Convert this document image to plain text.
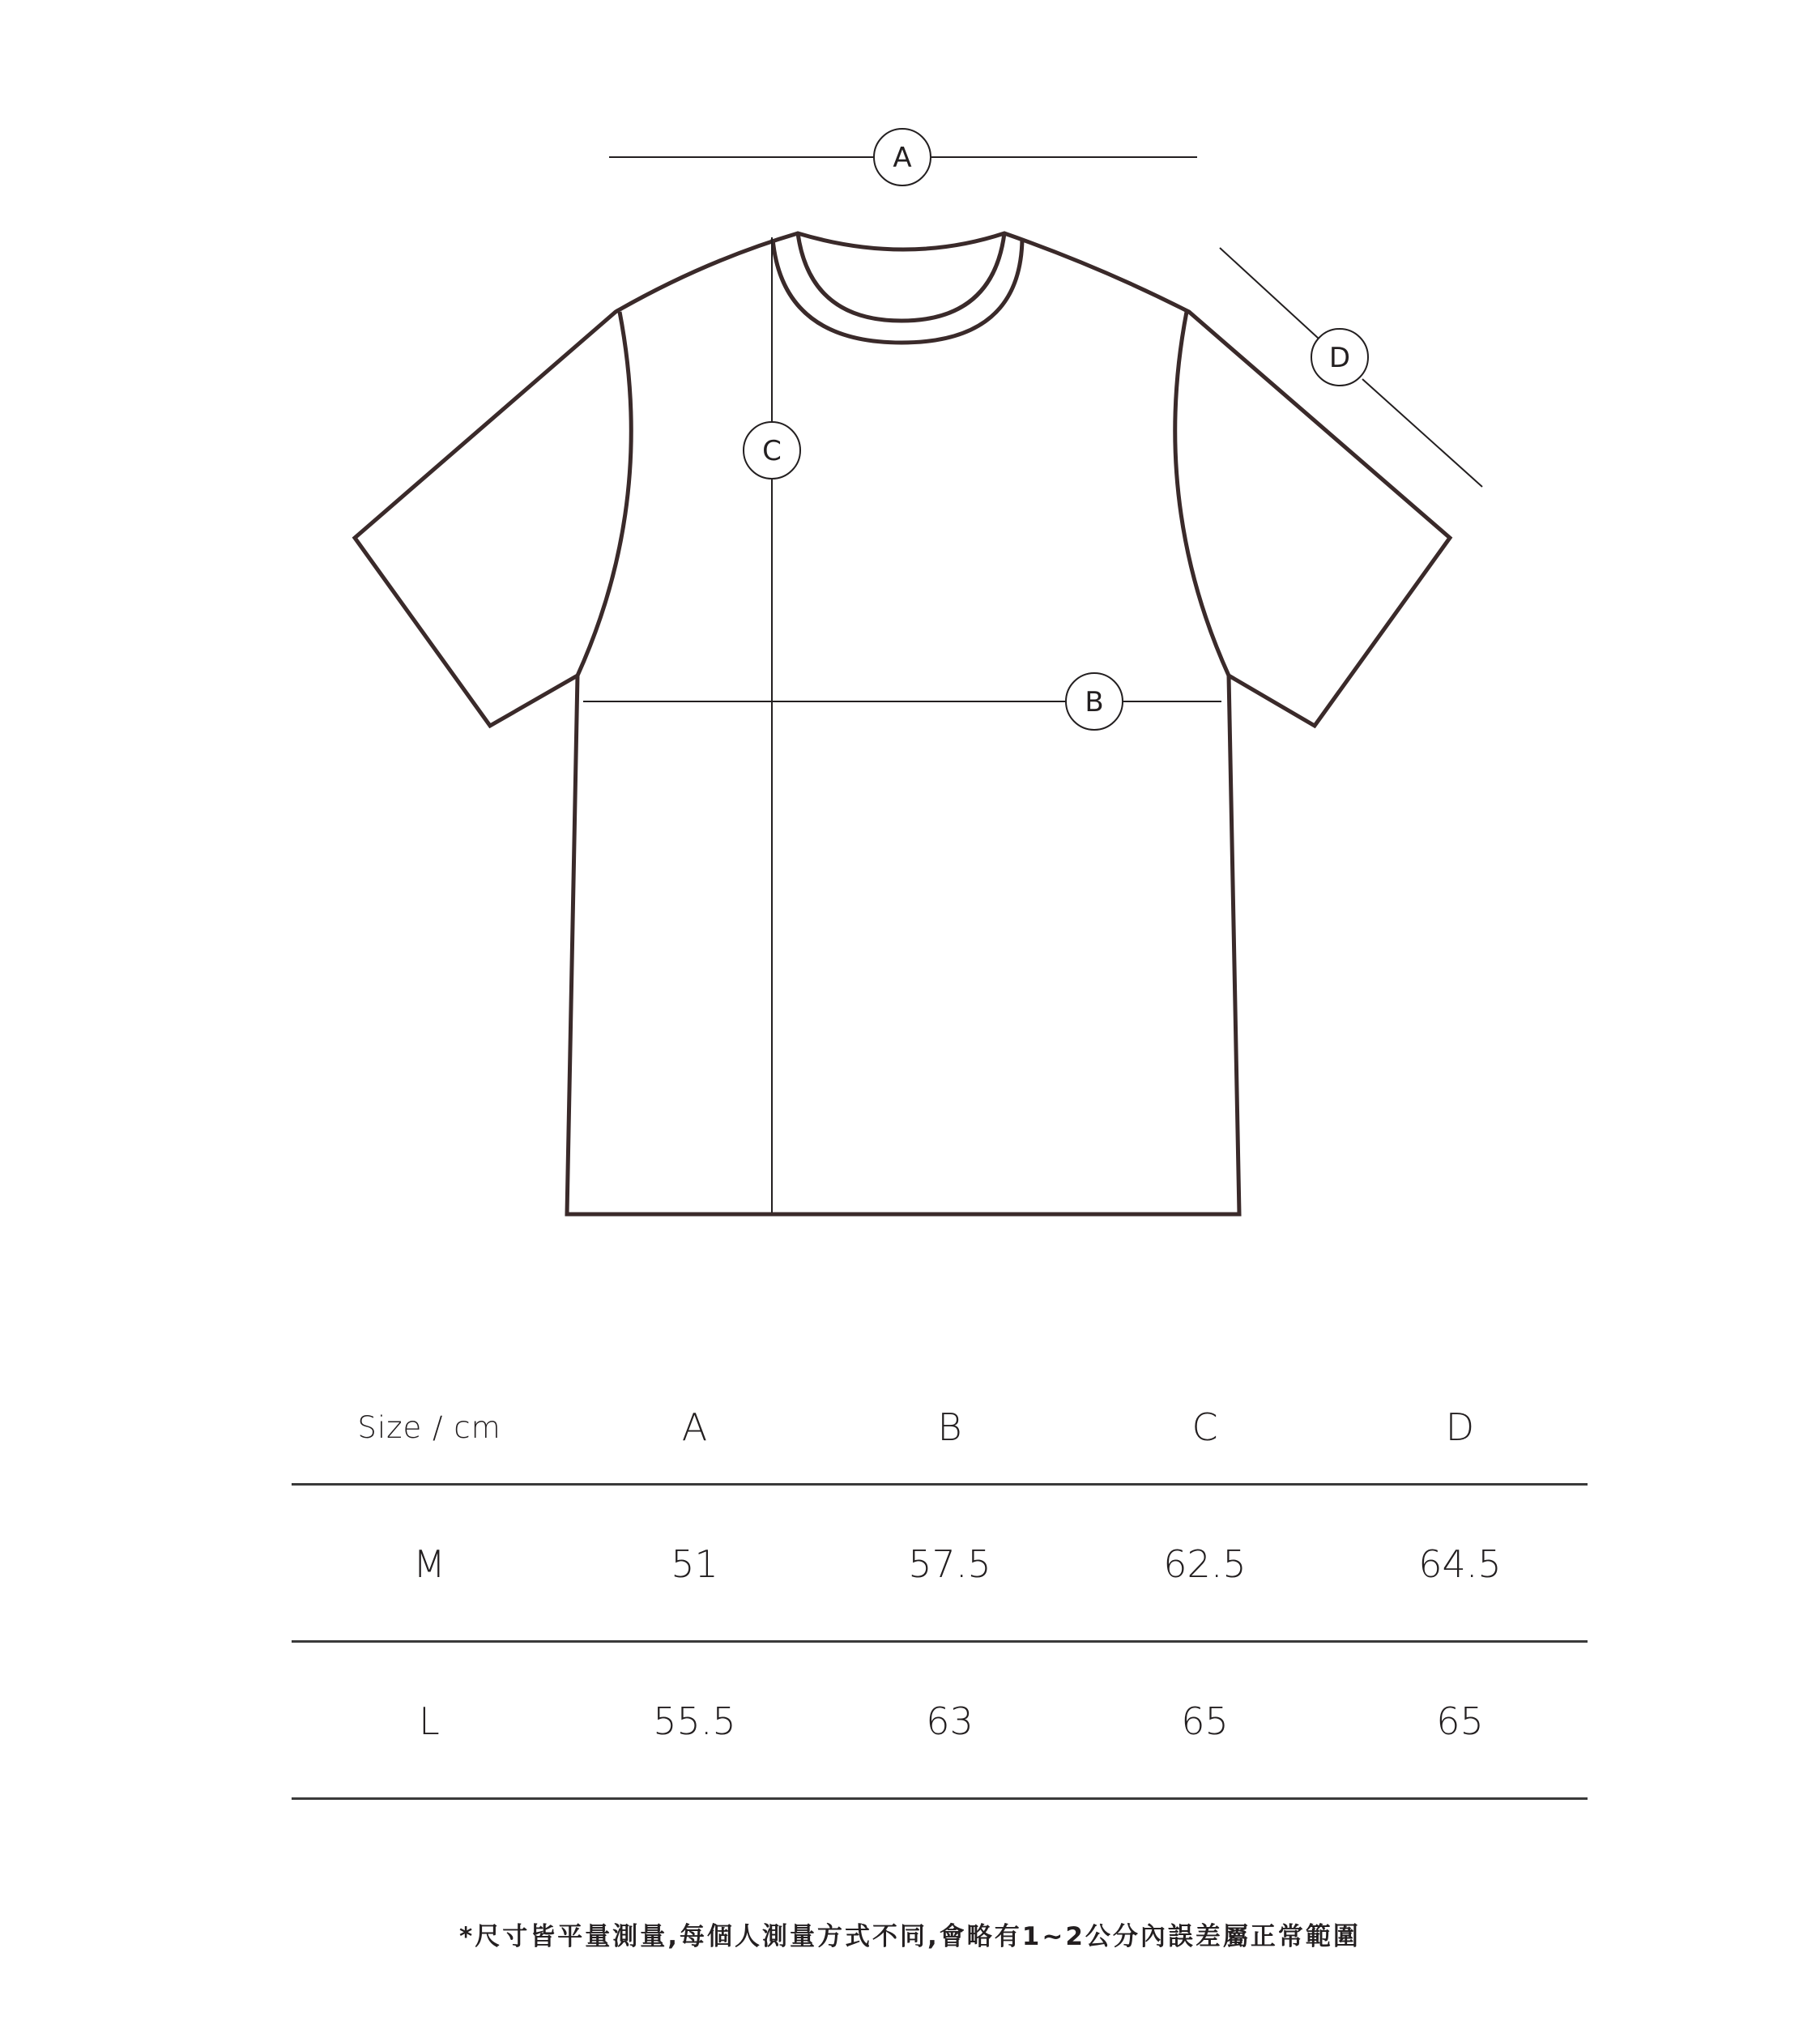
A
B
C
D
Size / cm	A	B	C	D
M	51	57.5	62.5	64.5
L	55.5	63	65	65
*尺寸皆平量測量,每個人測量方式不同,會略有1~2公分內誤差屬正常範圍
